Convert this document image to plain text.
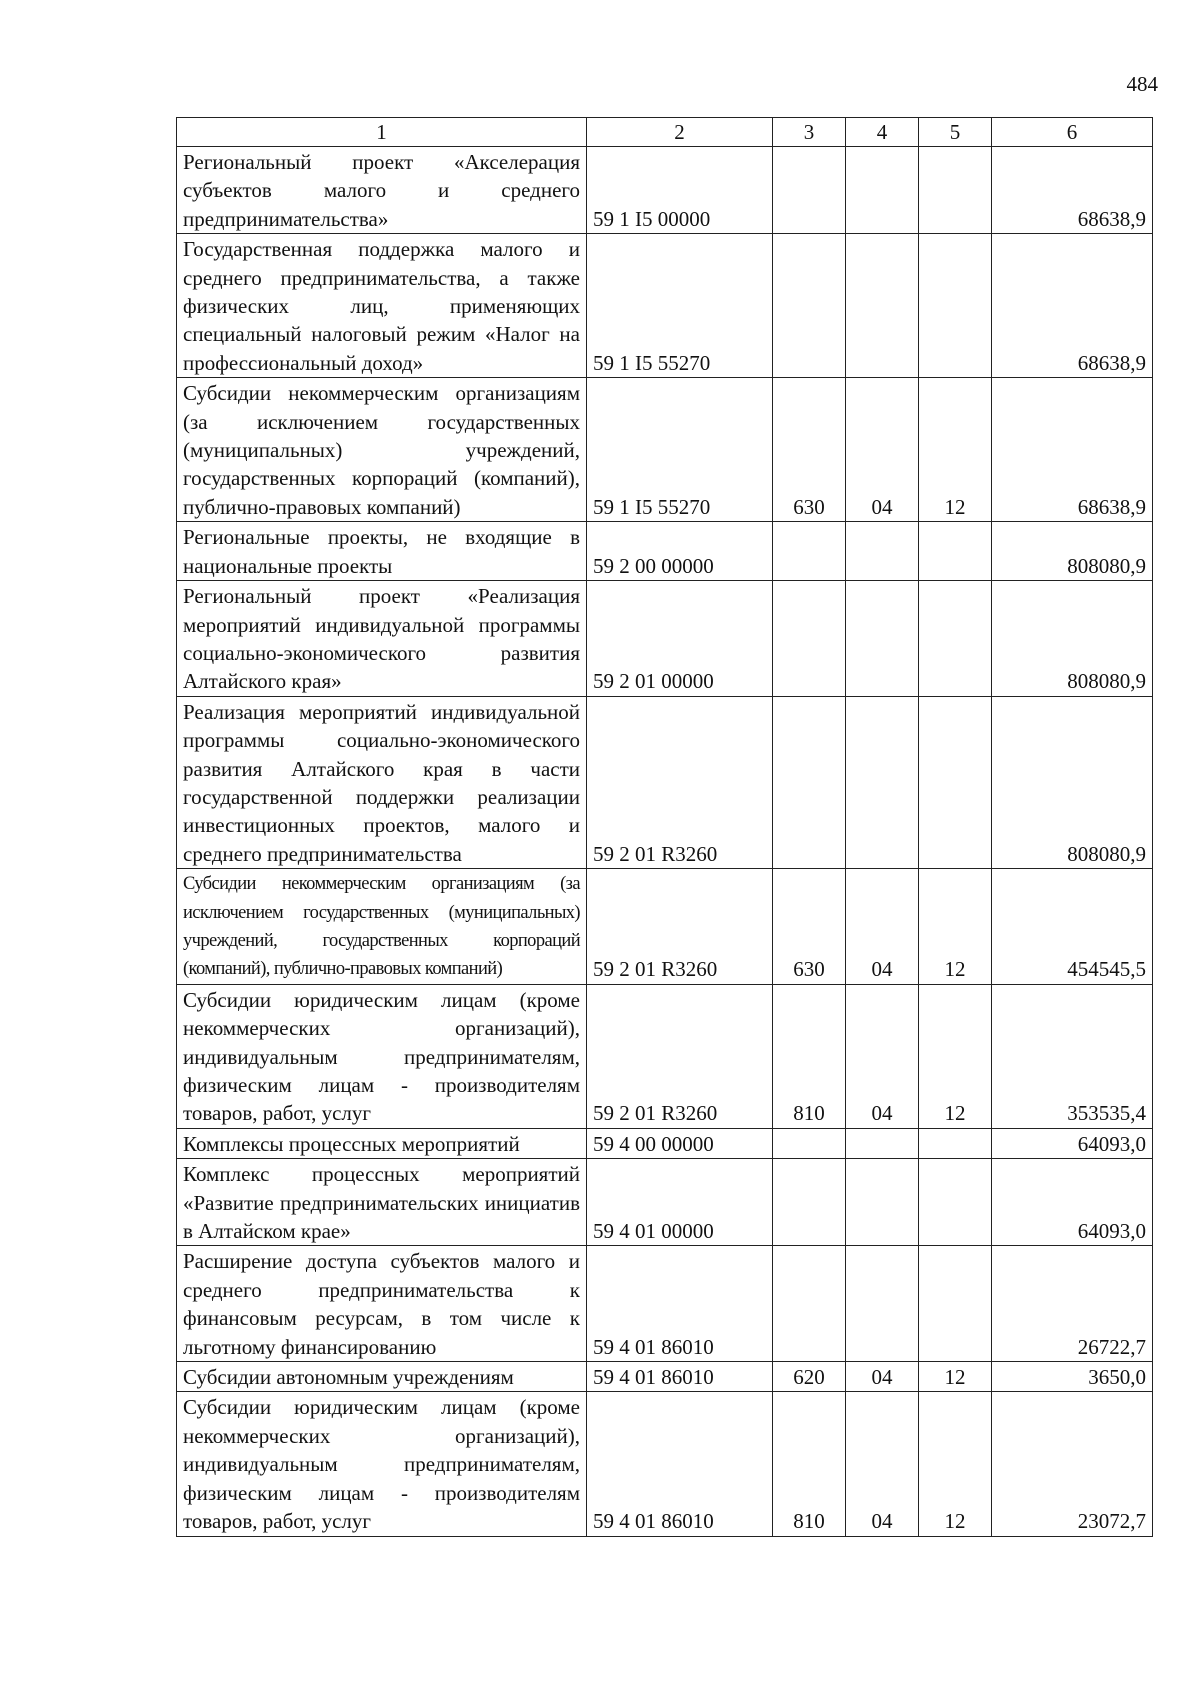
484
1	2	3	4	5	6
Региональный проект «Акселерация субъектов малого и среднего предпринимательства»	59 1 I5 00000				68638,9
Государственная поддержка малого и среднего предпринимательства, а также физических лиц, применяющих специальный налоговый режим «Налог на профессиональный доход»	59 1 I5 55270				68638,9
Субсидии некоммерческим организациям (за исключением государственных (муниципальных) учреждений, государственных корпораций (компаний), публично-правовых компаний)	59 1 I5 55270	630	04	12	68638,9
Региональные проекты, не входящие в национальные проекты	59 2 00 00000				808080,9
Региональный проект «Реализация мероприятий индивидуальной программы социально-экономического развития Алтайского края»	59 2 01 00000				808080,9
Реализация мероприятий индивидуальной программы социально-экономического развития Алтайского края в части государственной поддержки реализации инвестиционных проектов, малого и среднего предпринимательства	59 2 01 R3260				808080,9
Субсидии некоммерческим организациям (за исключением государственных (муниципальных) учреждений, государственных корпораций (компаний), публично-правовых компаний)	59 2 01 R3260	630	04	12	454545,5
Субсидии юридическим лицам (кроме некоммерческих организаций), индивидуальным предпринимателям, физическим лицам - производителям товаров, работ, услуг	59 2 01 R3260	810	04	12	353535,4
Комплексы процессных мероприятий	59 4 00 00000				64093,0
Комплекс процессных мероприятий «Развитие предпринимательских инициатив в Алтайском крае»	59 4 01 00000				64093,0
Расширение доступа субъектов малого и среднего предпринимательства к финансовым ресурсам, в том числе к льготному финансированию	59 4 01 86010				26722,7
Субсидии автономным учреждениям	59 4 01 86010	620	04	12	3650,0
Субсидии юридическим лицам (кроме некоммерческих организаций), индивидуальным предпринимателям, физическим лицам - производителям товаров, работ, услуг	59 4 01 86010	810	04	12	23072,7
